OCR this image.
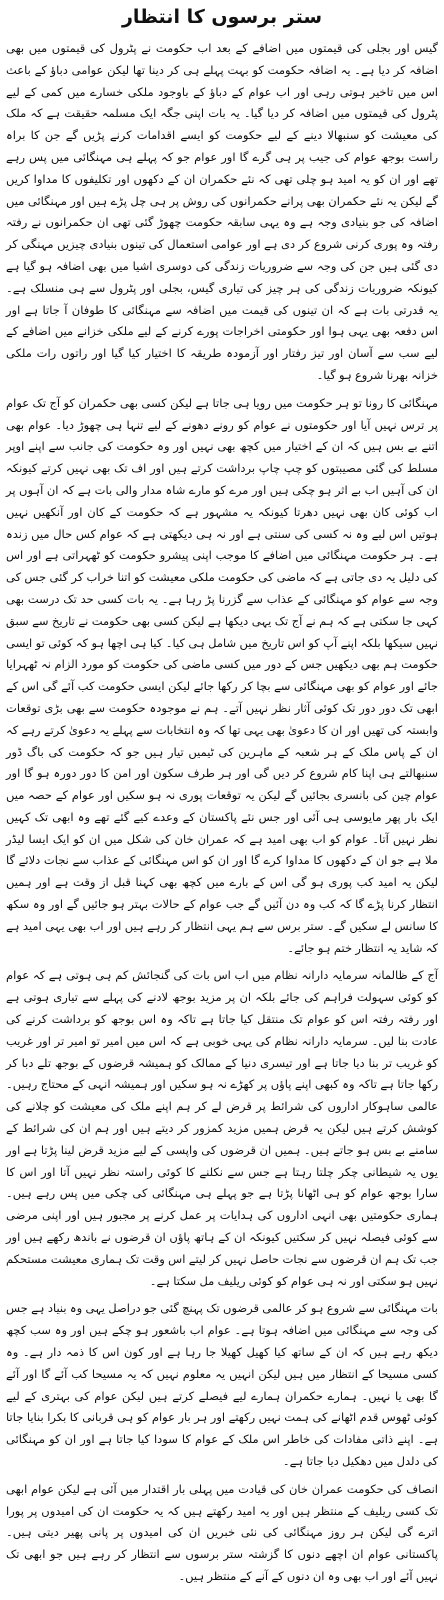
ستر برسوں کا انتظار

گیس اور بجلی کی قیمتوں میں اضافے کے بعد اب حکومت نے پٹرول کی قیمتوں میں بھی اضافہ کر دیا ہے۔ یہ اضافہ حکومت کو بہت پہلے ہی کر دینا تھا لیکن عوامی دباؤ کے باعث اس میں تاخیر ہوتی رہی اور اب عوام کے دباؤ کے باوجود ملکی خسارے میں کمی کے لیے پٹرول کی قیمتوں میں اضافہ کر دیا گیا۔ یہ بات اپنی جگہ ایک مسلمہ حقیقت ہے کہ ملک کی معیشت کو سنبھالا دینے کے لیے حکومت کو ایسے اقدامات کرنے پڑیں گے جن کا براہ راست بوجھ عوام کی جیب پر ہی گرے گا اور عوام جو کہ پہلے ہی مہنگائی میں پس رہے تھے اور ان کو یہ امید ہو چلی تھی کہ نئے حکمران ان کے دکھوں اور تکلیفوں کا مداوا کریں گے لیکن یہ نئے حکمران بھی پرانے حکمرانوں کی روش پر ہی چل پڑے ہیں اور مہنگائی میں اضافہ کی جو بنیادی وجہ ہے وہ یہی سابقہ حکومت چھوڑ گئی تھی ان حکمرانوں نے رفتہ رفتہ وہ پوری کرنی شروع کر دی ہے اور عوامی استعمال کی تینوں بنیادی چیزیں مہنگی کر دی گئی ہیں جن کی وجہ سے ضروریات زندگی کی دوسری اشیا میں بھی اضافہ ہو گیا ہے کیونکہ ضروریات زندگی کی ہر چیز کی تیاری گیس، بجلی اور پٹرول سے ہی منسلک ہے۔ یہ قدرتی بات ہے کہ ان تینوں کی قیمت میں اضافہ سے مہنگائی کا طوفان آ جاتا ہے اور اس دفعہ بھی یہی ہوا اور حکومتی اخراجات پورے کرنے کے لیے ملکی خزانے میں اضافے کے لیے سب سے آسان اور تیز رفتار اور آزمودہ طریقہ کا اختیار کیا گیا اور راتوں رات ملکی خزانہ بھرنا شروع ہو گیا۔

مہنگائی کا رونا تو ہر حکومت میں رویا ہی جاتا ہے لیکن کسی بھی حکمران کو آج تک عوام پر ترس نہیں آیا اور حکومتوں نے عوام کو رونے دھونے کے لیے تنہا ہی چھوڑ دیا۔ عوام بھی اتنے بے بس ہیں کہ ان کے اختیار میں کچھ بھی نہیں اور وہ حکومت کی جانب سے اپنے اوپر مسلط کی گئی مصیبتوں کو چپ چاپ برداشت کرتے ہیں اور اف تک بھی نہیں کرتے کیونکہ ان کی آہیں اب بے اثر ہو چکی ہیں اور مرے کو مارے شاہ مدار والی بات ہے کہ ان آہوں پر اب کوئی کان بھی نہیں دھرتا کیونکہ یہ مشہور ہے کہ حکومت کے کان اور آنکھیں نہیں ہوتیں اس لیے وہ نہ کسی کی سنتی ہے اور نہ ہی دیکھتی ہے کہ عوام کس حال میں زندہ ہے۔ ہر حکومت مہنگائی میں اضافے کا موجب اپنی پیشرو حکومت کو ٹھہراتی ہے اور اس کی دلیل یہ دی جاتی ہے کہ ماضی کی حکومت ملکی معیشت کو اتنا خراب کر گئی جس کی وجہ سے عوام کو مہنگائی کے عذاب سے گزرنا پڑ رہا ہے۔ یہ بات کسی حد تک درست بھی کہی جا سکتی ہے کہ ہم نے آج تک یہی دیکھا ہے لیکن کسی بھی حکومت نے تاریخ سے سبق نہیں سیکھا بلکہ اپنے آپ کو اس تاریخ میں شامل ہی کیا۔ کیا ہی اچھا ہو کہ کوئی تو ایسی حکومت ہم بھی دیکھیں جس کے دور میں کسی ماضی کی حکومت کو مورد الزام نہ ٹھہرایا جائے اور عوام کو بھی مہنگائی سے بچا کر رکھا جائے لیکن ایسی حکومت کب آئے گی اس کے ابھی تک دور دور تک کوئی آثار نظر نہیں آتے۔ ہم نے موجودہ حکومت سے بھی بڑی توقعات وابستہ کی تھیں اور ان کا دعویٰ بھی یہی تھا کہ وہ انتخابات سے پہلے یہ دعویٰ کرتے رہے کہ ان کے پاس ملک کے ہر شعبہ کے ماہرین کی ٹیمیں تیار ہیں جو کہ حکومت کی باگ ڈور سنبھالتے ہی اپنا کام شروع کر دیں گی اور ہر طرف سکون اور امن کا دور دورہ ہو گا اور عوام چین کی بانسری بجائیں گے لیکن یہ توقعات پوری نہ ہو سکیں اور عوام کے حصہ میں ایک بار پھر مایوسی ہی آئی اور جس نئے پاکستان کے وعدے کیے گئے تھے وہ ابھی تک کہیں نظر نہیں آتا۔ عوام کو اب بھی امید ہے کہ عمران خان کی شکل میں ان کو ایک ایسا لیڈر ملا ہے جو ان کے دکھوں کا مداوا کرے گا اور ان کو اس مہنگائی کے عذاب سے نجات دلائے گا لیکن یہ امید کب پوری ہو گی اس کے بارے میں کچھ بھی کہنا قبل از وقت ہے اور ہمیں انتظار کرنا پڑے گا کہ کب وہ دن آئیں گے جب عوام کے حالات بہتر ہو جائیں گے اور وہ سکھ کا سانس لے سکیں گے۔ ستر برس سے ہم یہی انتظار کر رہے ہیں اور اب بھی یہی امید ہے کہ شاید یہ انتظار ختم ہو جائے۔

آج کے ظالمانہ سرمایہ دارانہ نظام میں اب اس بات کی گنجائش کم ہی ہوتی ہے کہ عوام کو کوئی سہولت فراہم کی جائے بلکہ ان پر مزید بوجھ لادنے کی پہلے سے تیاری ہوتی ہے اور رفتہ رفتہ اس کو عوام تک منتقل کیا جاتا ہے تاکہ وہ اس بوجھ کو برداشت کرنے کی عادت بنا لیں۔ سرمایہ دارانہ نظام کی یہی خوبی ہے کہ اس میں امیر تو امیر تر اور غریب کو غریب تر بنا دیا جاتا ہے اور تیسری دنیا کے ممالک کو ہمیشہ قرضوں کے بوجھ تلے دبا کر رکھا جاتا ہے تاکہ وہ کبھی اپنے پاؤں پر کھڑے نہ ہو سکیں اور ہمیشہ انہی کے محتاج رہیں۔ عالمی ساہوکار اداروں کی شرائط پر قرض لے کر ہم اپنے ملک کی معیشت کو چلانے کی کوشش کرتے ہیں لیکن یہ قرض ہمیں مزید کمزور کر دیتے ہیں اور ہم ان کی شرائط کے سامنے بے بس ہو جاتے ہیں۔ ہمیں ان قرضوں کی واپسی کے لیے مزید قرض لینا پڑتا ہے اور یوں یہ شیطانی چکر چلتا رہتا ہے جس سے نکلنے کا کوئی راستہ نظر نہیں آتا اور اس کا سارا بوجھ عوام کو ہی اٹھانا پڑتا ہے جو پہلے ہی مہنگائی کی چکی میں پس رہے ہیں۔ ہماری حکومتیں بھی انہی اداروں کی ہدایات پر عمل کرنے پر مجبور ہیں اور اپنی مرضی سے کوئی فیصلہ نہیں کر سکتیں کیونکہ ان کے ہاتھ پاؤں ان قرضوں نے باندھ رکھے ہیں اور جب تک ہم ان قرضوں سے نجات حاصل نہیں کر لیتے اس وقت تک ہماری معیشت مستحکم نہیں ہو سکتی اور نہ ہی عوام کو کوئی ریلیف مل سکتا ہے۔

بات مہنگائی سے شروع ہو کر عالمی قرضوں تک پہنچ گئی جو دراصل یہی وہ بنیاد ہے جس کی وجہ سے مہنگائی میں اضافہ ہوتا ہے۔ عوام اب باشعور ہو چکے ہیں اور وہ سب کچھ دیکھ رہے ہیں کہ ان کے ساتھ کیا کھیل کھیلا جا رہا ہے اور کون اس کا ذمہ دار ہے۔ وہ کسی مسیحا کے انتظار میں ہیں لیکن انہیں یہ معلوم نہیں کہ یہ مسیحا کب آئے گا اور آئے گا بھی یا نہیں۔ ہمارے حکمران ہمارے لیے فیصلے کرتے ہیں لیکن عوام کی بہتری کے لیے کوئی ٹھوس قدم اٹھانے کی ہمت نہیں رکھتے اور ہر بار عوام کو ہی قربانی کا بکرا بنایا جاتا ہے۔ اپنے ذاتی مفادات کی خاطر اس ملک کے عوام کا سودا کیا جاتا ہے اور ان کو مہنگائی کی دلدل میں دھکیل دیا جاتا ہے۔

انصاف کی حکومت عمران خان کی قیادت میں پہلی بار اقتدار میں آئی ہے لیکن عوام ابھی تک کسی ریلیف کے منتظر ہیں اور یہ امید رکھتے ہیں کہ یہ حکومت ان کی امیدوں پر پورا اترے گی لیکن ہر روز مہنگائی کی نئی خبریں ان کی امیدوں پر پانی پھیر دیتی ہیں۔ پاکستانی عوام ان اچھے دنوں کا گزشتہ ستر برسوں سے انتظار کر رہے ہیں جو ابھی تک نہیں آئے اور اب بھی وہ ان دنوں کے آنے کے منتظر ہیں۔
